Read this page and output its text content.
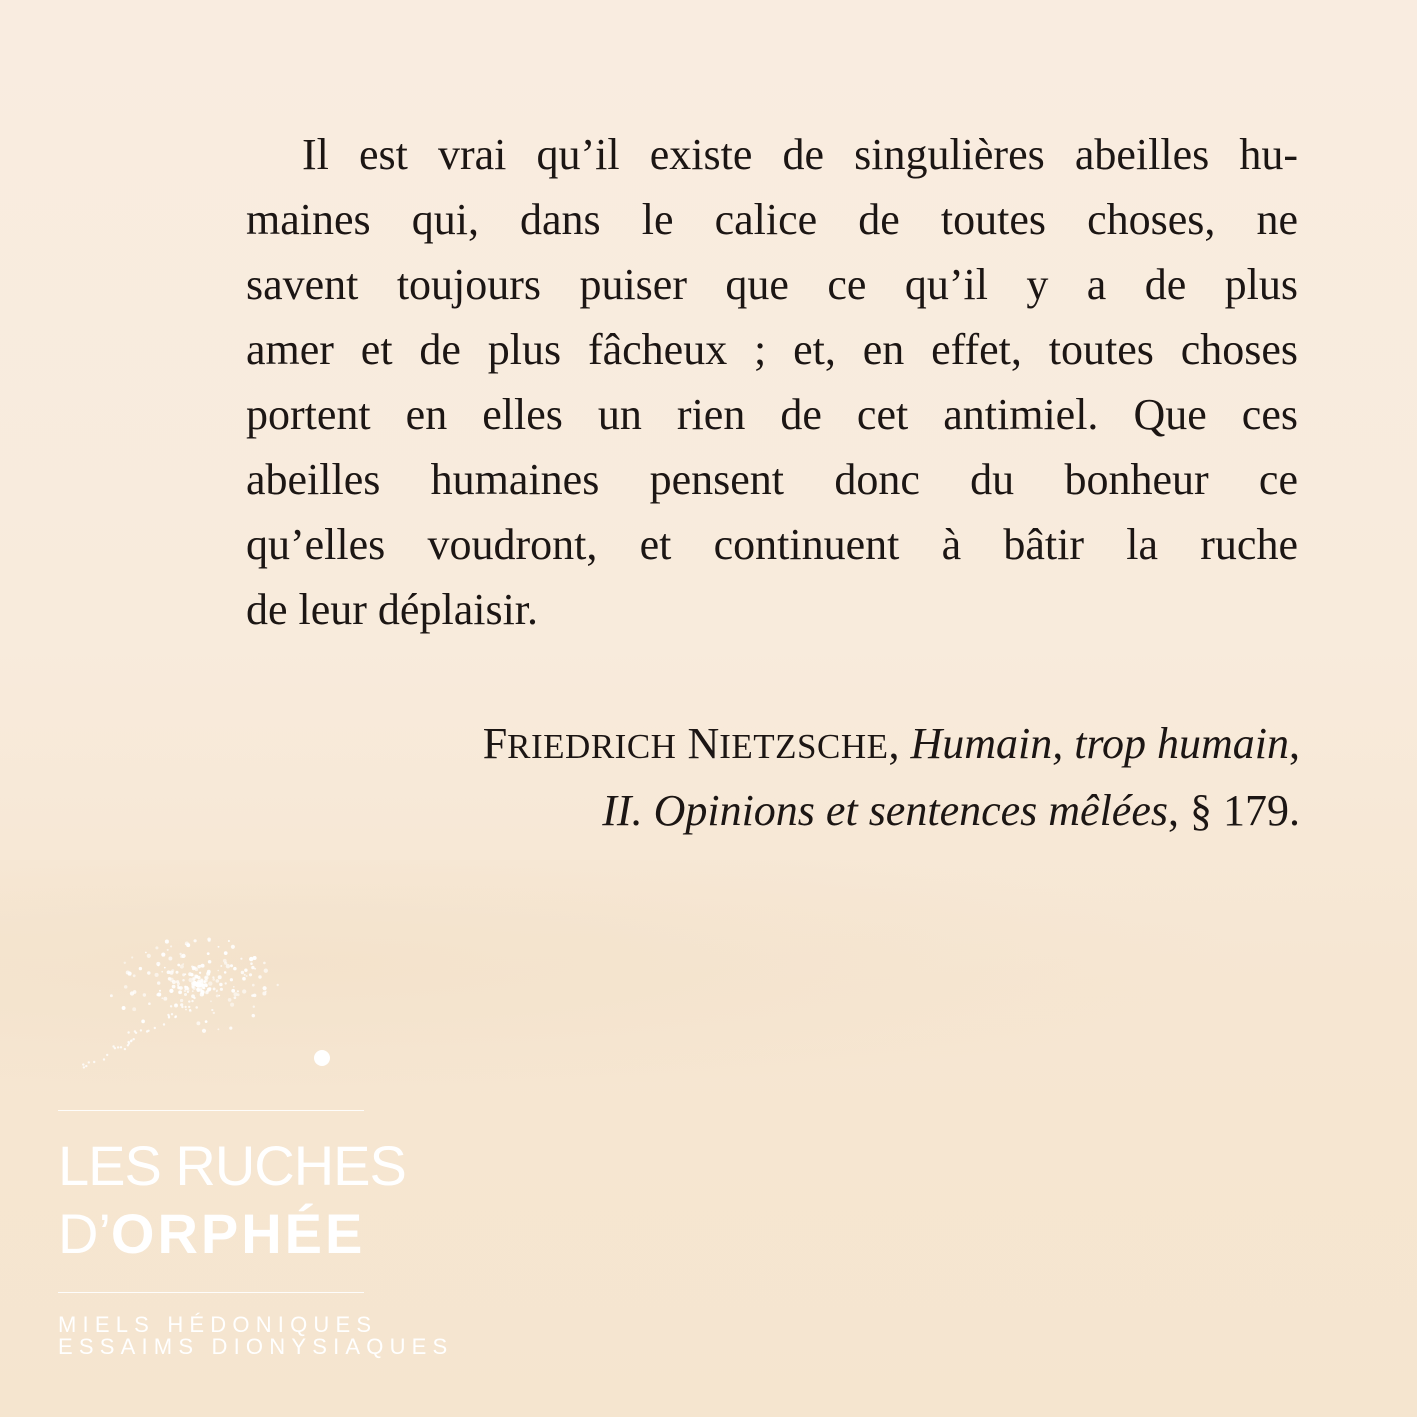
Il est vrai qu’il existe de singulières abeilles hu-
maines qui, dans le calice de toutes choses, ne
savent toujours puiser que ce qu’il y a de plus
amer et de plus fâcheux ; et, en effet, toutes choses
portent en elles un rien de cet antimiel. Que ces
abeilles humaines pensent donc du bonheur ce
qu’elles voudront, et continuent à bâtir la ruche
de leur déplaisir.
FRIEDRICH NIETZSCHE, Humain, trop humain,
II. Opinions et sentences mêlées, § 179.
LES RUCHES
D’ORPHÉE
MIELS HÉDONIQUES
ESSAIMS DIONYSIAQUES
